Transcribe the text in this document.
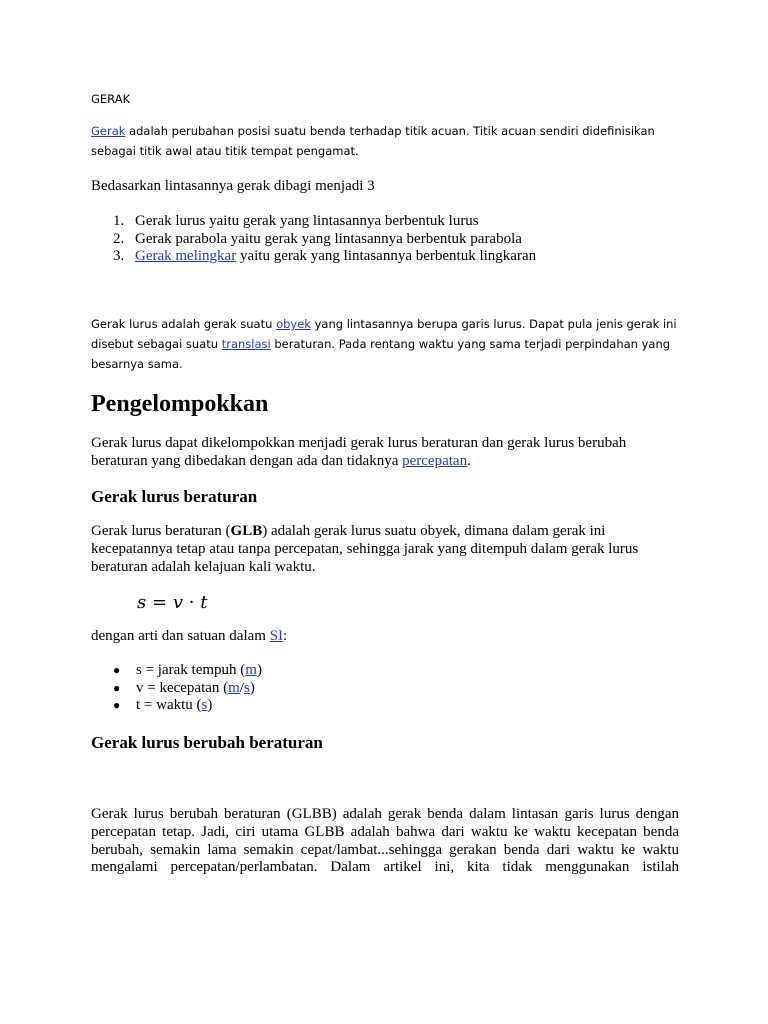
GERAK

Gerak adalah perubahan posisi suatu benda terhadap titik acuan. Titik acuan sendiri didefinisikan sebagai titik awal atau titik tempat pengamat.

Bedasarkan lintasannya gerak dibagi menjadi 3

1. Gerak lurus yaitu gerak yang lintasannya berbentuk lurus
2. Gerak parabola yaitu gerak yang lintasannya berbentuk parabola
3. Gerak melingkar yaitu gerak yang lintasannya berbentuk lingkaran

Gerak lurus adalah gerak suatu obyek yang lintasannya berupa garis lurus. Dapat pula jenis gerak ini disebut sebagai suatu translasi beraturan. Pada rentang waktu yang sama terjadi perpindahan yang besarnya sama.

Pengelompokkan

Gerak lurus dapat dikelompokkan menjadi gerak lurus beraturan dan gerak lurus berubah beraturan yang dibedakan dengan ada dan tidaknya percepatan.

Gerak lurus beraturan

Gerak lurus beraturan (GLB) adalah gerak lurus suatu obyek, dimana dalam gerak ini kecepatannya tetap atau tanpa percepatan, sehingga jarak yang ditempuh dalam gerak lurus beraturan adalah kelajuan kali waktu.

s = v · t

dengan arti dan satuan dalam SI:

● s = jarak tempuh (m)
● v = kecepatan (m/s)
● t = waktu (s)
Gerak lurus berubah beraturan
Gerak lurus berubah beraturan (GLBB) adalah gerak benda dalam lintasan garis lurus dengan
percepatan tetap. Jadi, ciri utama GLBB adalah bahwa dari waktu ke waktu kecepatan benda
berubah, semakin lama semakin cepat/lambat...sehingga gerakan benda dari waktu ke waktu
mengalami percepatan/perlambatan. Dalam artikel ini, kita tidak menggunakan istilah
